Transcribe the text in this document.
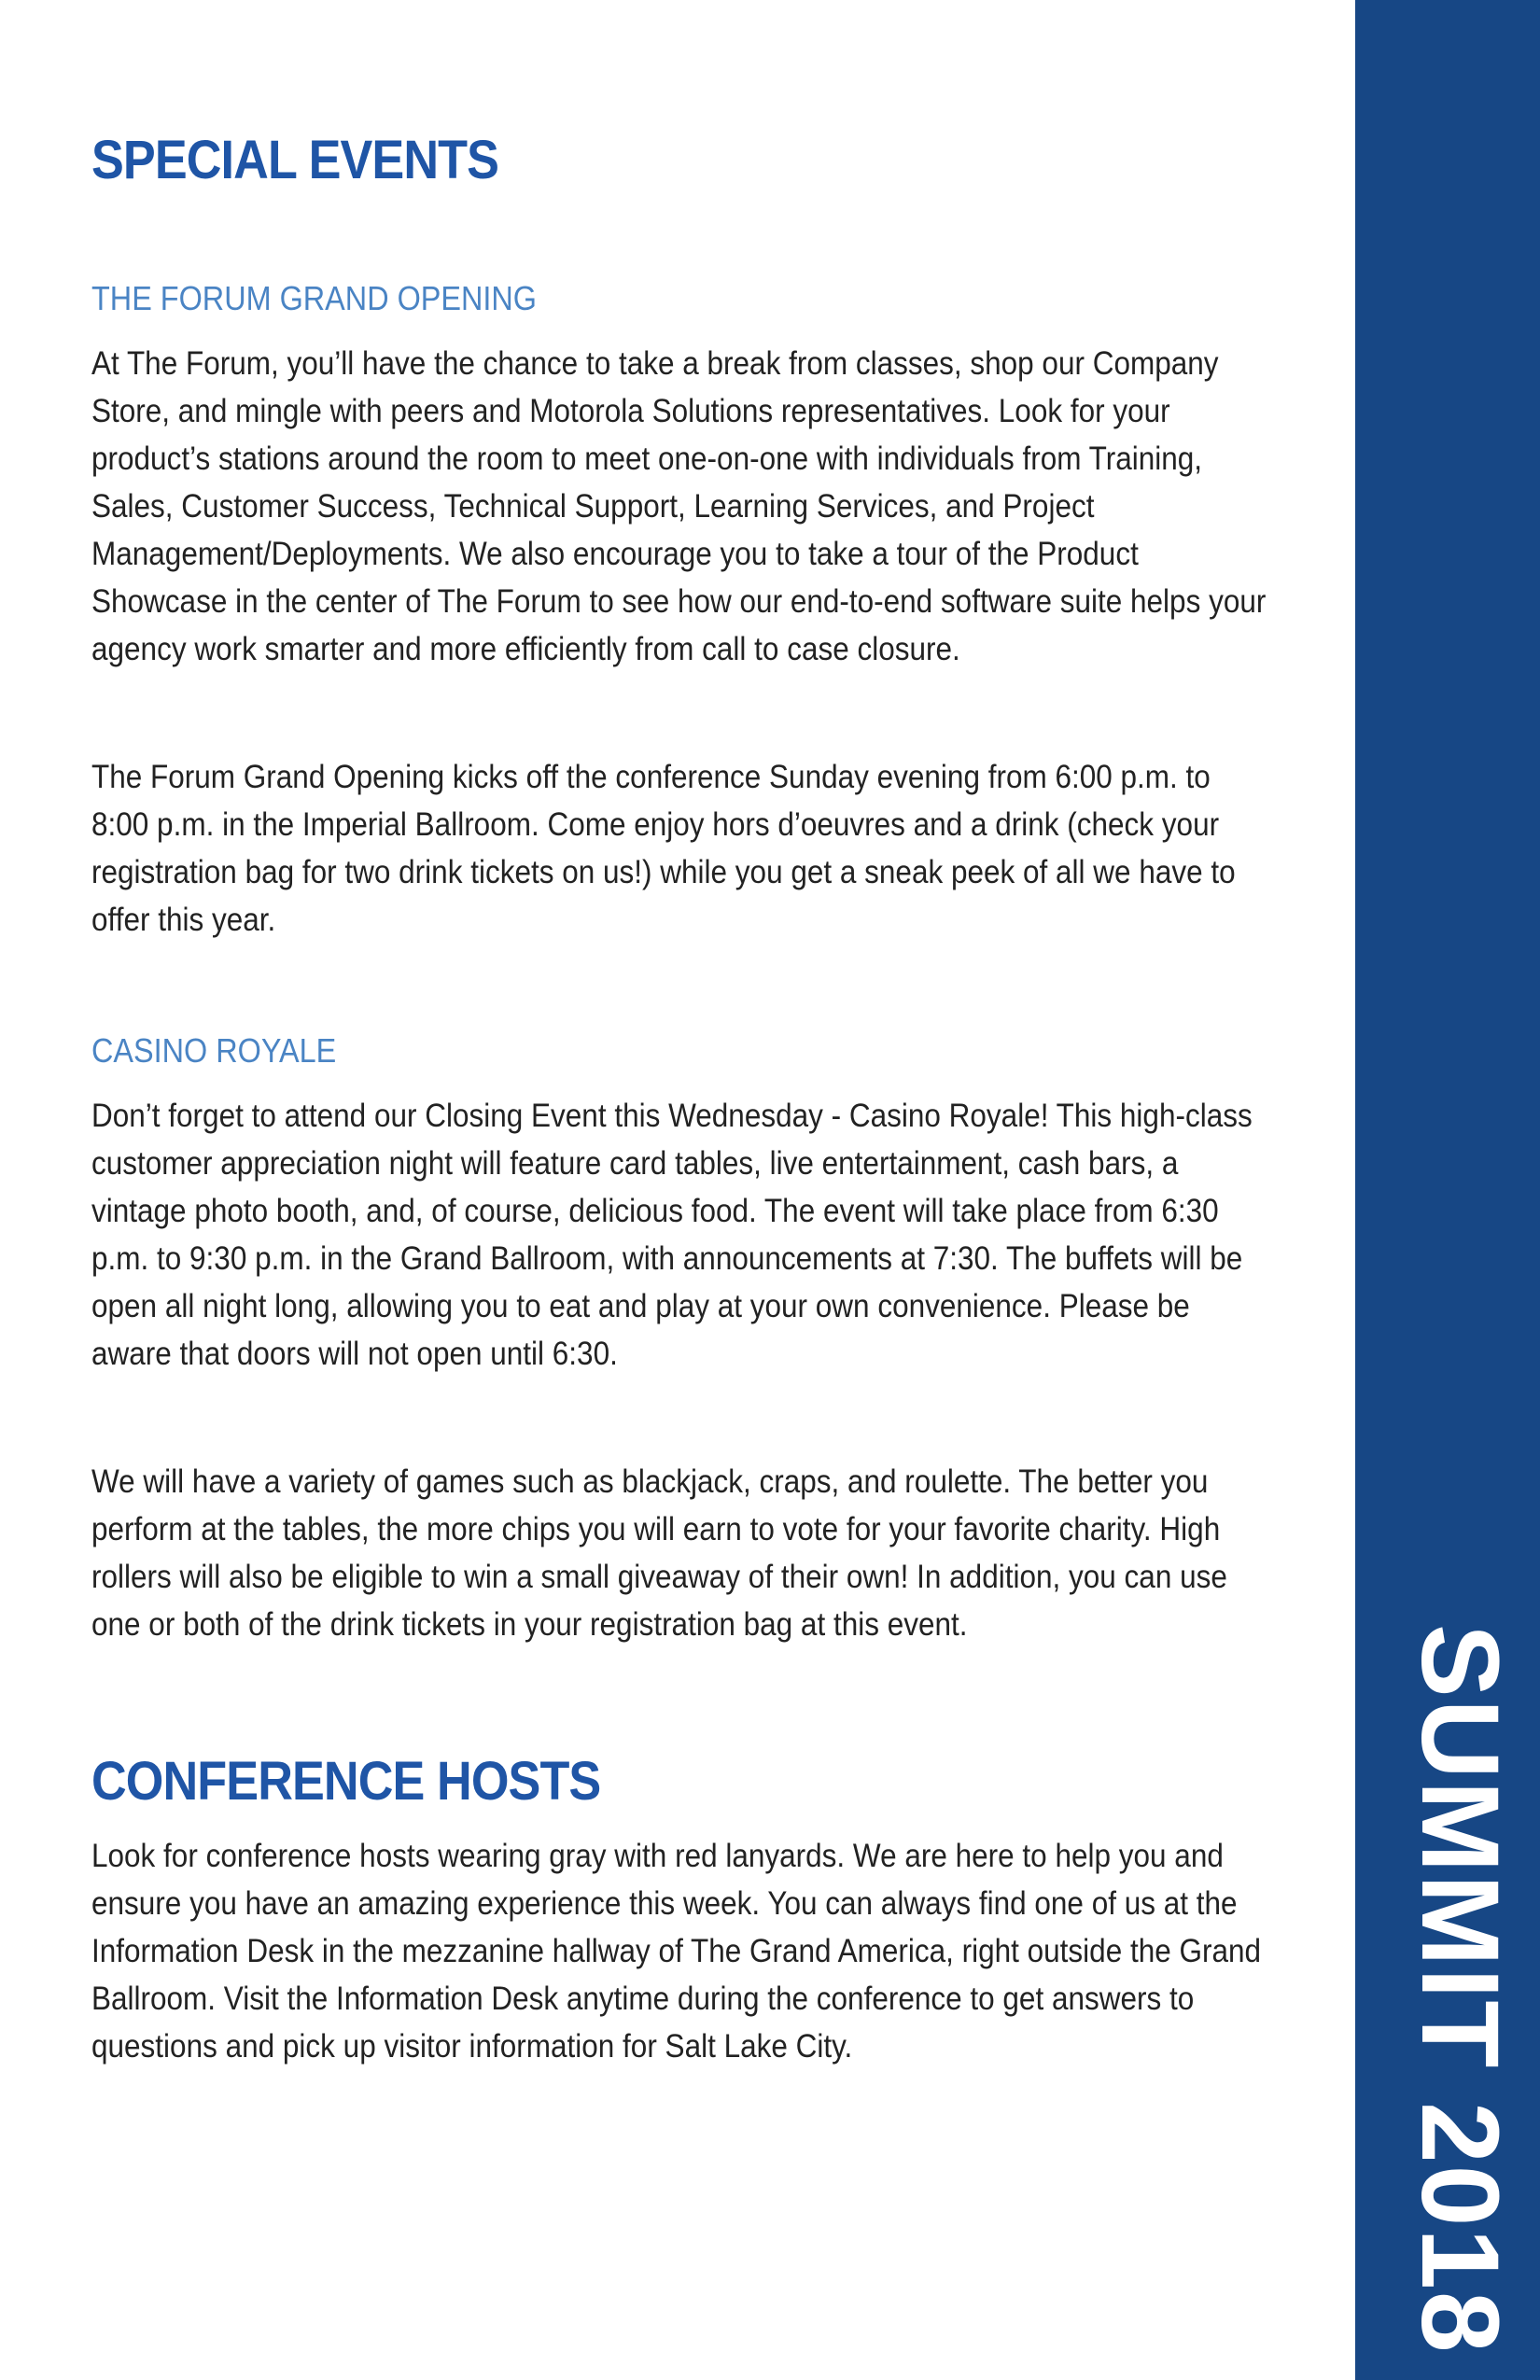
SPECIAL EVENTS
THE FORUM GRAND OPENING

At The Forum, you’ll have the chance to take a break from classes, shop our Company Store, and mingle with peers and Motorola Solutions representatives. Look for your product’s stations around the room to meet one-on-one with individuals from Training, Sales, Customer Success, Technical Support, Learning Services, and Project Management/Deployments. We also encourage you to take a tour of the Product Showcase in the center of The Forum to see how our end-to-end software suite helps your agency work smarter and more efficiently from call to case closure.

The Forum Grand Opening kicks off the conference Sunday evening from 6:00 p.m. to 8:00 p.m. in the Imperial Ballroom. Come enjoy hors d’oeuvres and a drink (check your registration bag for two drink tickets on us!) while you get a sneak peek of all we have to offer this year.

CASINO ROYALE

Don’t forget to attend our Closing Event this Wednesday - Casino Royale! This high-class customer appreciation night will feature card tables, live entertainment, cash bars, a vintage photo booth, and, of course, delicious food. The event will take place from 6:30 p.m. to 9:30 p.m. in the Grand Ballroom, with announcements at 7:30. The buffets will be open all night long, allowing you to eat and play at your own convenience. Please be aware that doors will not open until 6:30.

We will have a variety of games such as blackjack, craps, and roulette. The better you perform at the tables, the more chips you will earn to vote for your favorite charity. High rollers will also be eligible to win a small giveaway of their own! In addition, you can use one or both of the drink tickets in your registration bag at this event.

CONFERENCE HOSTS

Look for conference hosts wearing gray with red lanyards. We are here to help you and ensure you have an amazing experience this week. You can always find one of us at the Information Desk in the mezzanine hallway of The Grand America, right outside the Grand Ballroom. Visit the Information Desk anytime during the conference to get answers to questions and pick up visitor information for Salt Lake City.	SUMMIT 2018
